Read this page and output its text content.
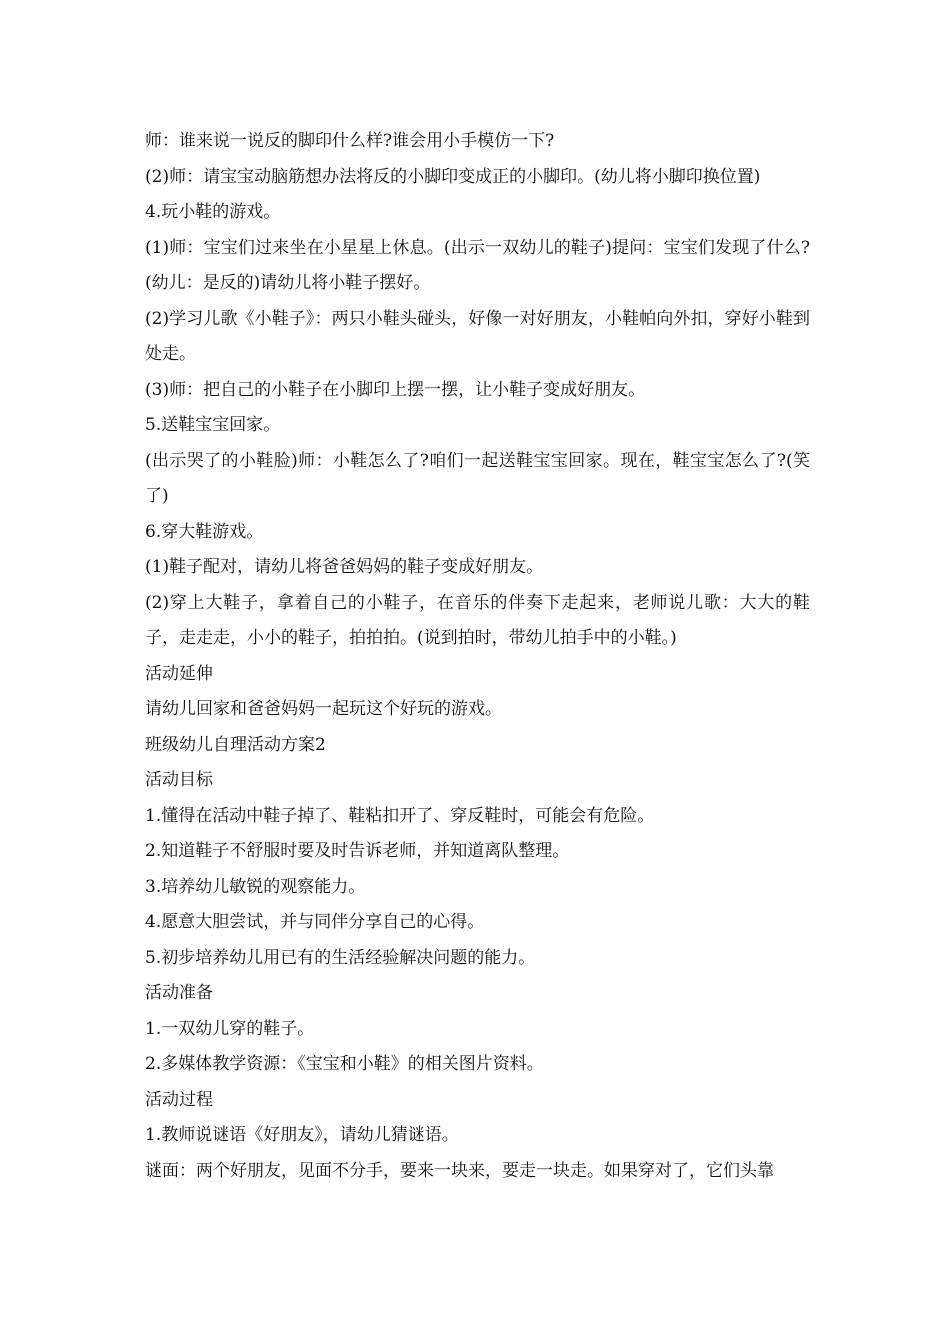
师：谁来说一说反的脚印什么样?谁会用小手模仿一下?

(2)师：请宝宝动脑筋想办法将反的小脚印变成正的小脚印。(幼儿将小脚印换位置)

4.玩小鞋的游戏。

(1)师：宝宝们过来坐在小星星上休息。(出示一双幼儿的鞋子)提问：宝宝们发现了什么?(幼儿：是反的)请幼儿将小鞋子摆好。

(2)学习儿歌《小鞋子》：两只小鞋头碰头，好像一对好朋友，小鞋帕向外扣，穿好小鞋到处走。

(3)师：把自己的小鞋子在小脚印上摆一摆，让小鞋子变成好朋友。

5.送鞋宝宝回家。

(出示哭了的小鞋脸)师：小鞋怎么了?咱们一起送鞋宝宝回家。现在，鞋宝宝怎么了?(笑了)

6.穿大鞋游戏。

(1)鞋子配对，请幼儿将爸爸妈妈的鞋子变成好朋友。

(2)穿上大鞋子，拿着自己的小鞋子，在音乐的伴奏下走起来，老师说儿歌：大大的鞋子，走走走，小小的鞋子，拍拍拍。(说到拍时，带幼儿拍手中的小鞋。)

活动延伸

请幼儿回家和爸爸妈妈一起玩这个好玩的游戏。

班级幼儿自理活动方案2

活动目标

1.懂得在活动中鞋子掉了、鞋粘扣开了、穿反鞋时，可能会有危险。

2.知道鞋子不舒服时要及时告诉老师，并知道离队整理。

3.培养幼儿敏锐的观察能力。

4.愿意大胆尝试，并与同伴分享自己的心得。

5.初步培养幼儿用已有的生活经验解决问题的能力。

活动准备

1.一双幼儿穿的鞋子。

2.多媒体教学资源：《宝宝和小鞋》的相关图片资料。

活动过程

1.教师说谜语《好朋友》，请幼儿猜谜语。

谜面：两个好朋友，见面不分手，要来一块来，要走一块走。如果穿对了，它们头靠
